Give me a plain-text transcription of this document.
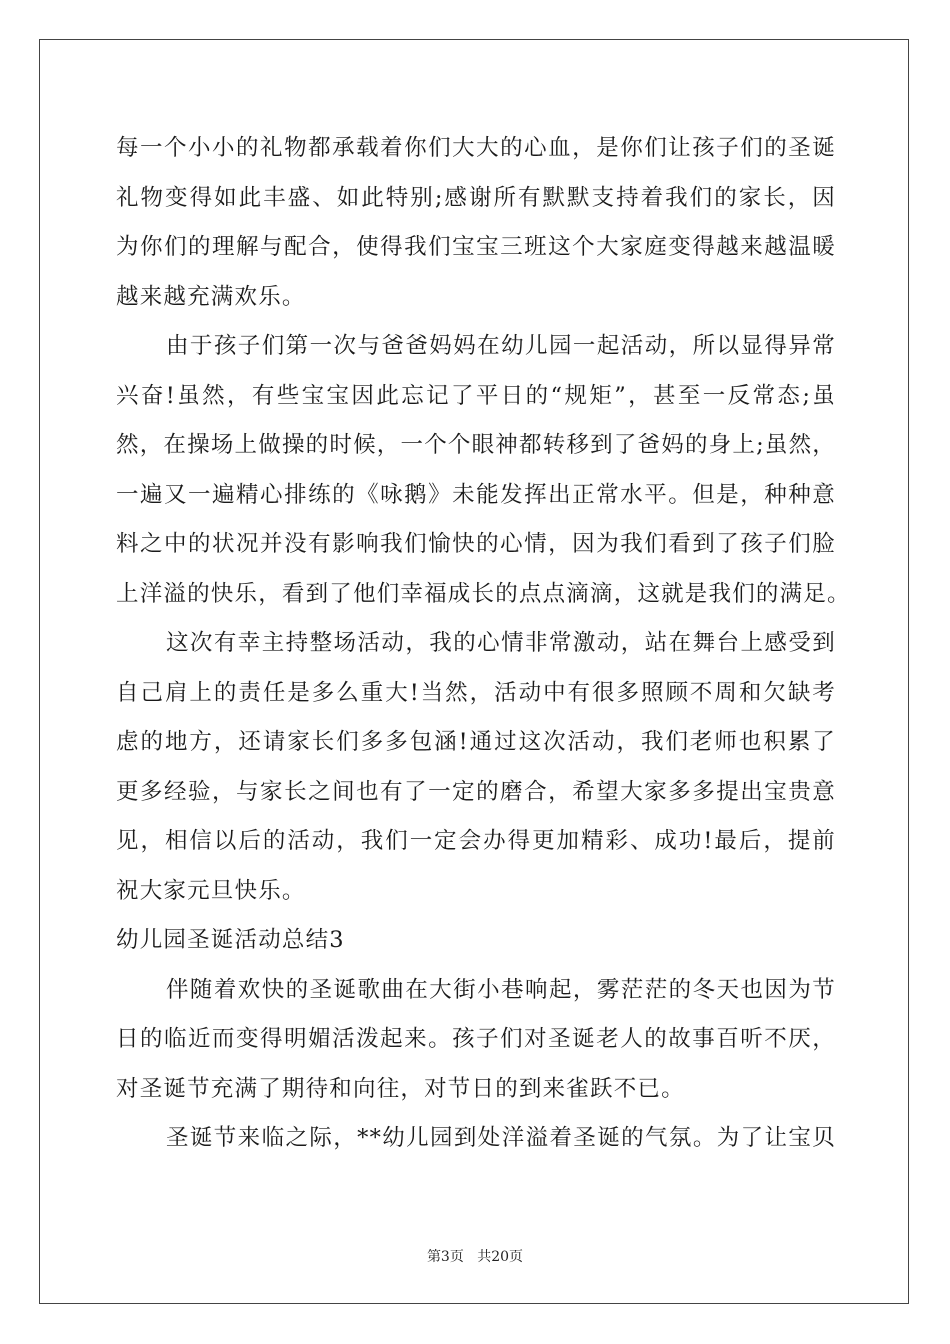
每一个小小的礼物都承载着你们大大的心血，是你们让孩子们的圣诞
礼物变得如此丰盛、如此特别;感谢所有默默支持着我们的家长，因
为你们的理解与配合，使得我们宝宝三班这个大家庭变得越来越温暖
越来越充满欢乐。
由于孩子们第一次与爸爸妈妈在幼儿园一起活动，所以显得异常
兴奋!虽然，有些宝宝因此忘记了平日的“规矩”，甚至一反常态;虽
然，在操场上做操的时候，一个个眼神都转移到了爸妈的身上;虽然，
一遍又一遍精心排练的《咏鹅》未能发挥出正常水平。但是，种种意
料之中的状况并没有影响我们愉快的心情，因为我们看到了孩子们脸
上洋溢的快乐，看到了他们幸福成长的点点滴滴，这就是我们的满足。
这次有幸主持整场活动，我的心情非常激动，站在舞台上感受到
自己肩上的责任是多么重大!当然，活动中有很多照顾不周和欠缺考
虑的地方，还请家长们多多包涵!通过这次活动，我们老师也积累了
更多经验，与家长之间也有了一定的磨合，希望大家多多提出宝贵意
见，相信以后的活动，我们一定会办得更加精彩、成功!最后，提前
祝大家元旦快乐。
幼儿园圣诞活动总结3
伴随着欢快的圣诞歌曲在大街小巷响起，雾茫茫的冬天也因为节
日的临近而变得明媚活泼起来。孩子们对圣诞老人的故事百听不厌，
对圣诞节充满了期待和向往，对节日的到来雀跃不已。
圣诞节来临之际，**幼儿园到处洋溢着圣诞的气氛。为了让宝贝
第3页 共20页
